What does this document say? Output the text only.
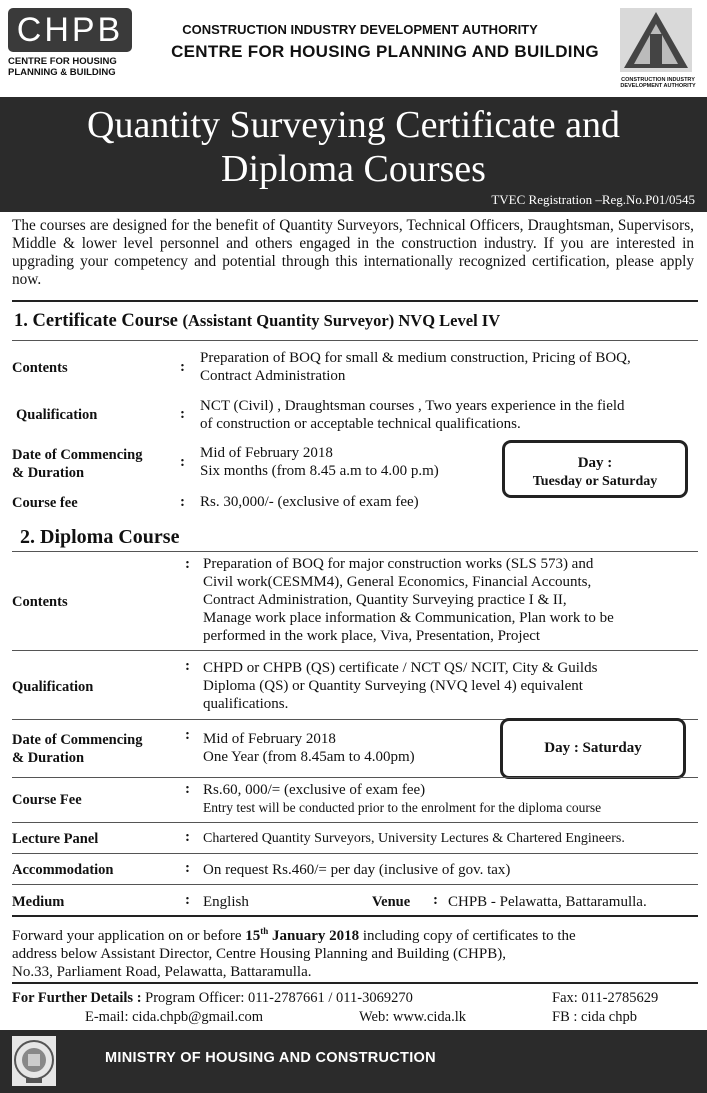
CHPB
CENTRE FOR HOUSING
PLANNING & BUILDING
CONSTRUCTION INDUSTRY DEVELOPMENT AUTHORITY
CENTRE FOR HOUSING PLANNING AND BUILDING
CONSTRUCTION INDUSTRY
DEVELOPMENT AUTHORITY
Quantity Surveying Certificate and
Diploma Courses
TVEC Registration –Reg.No.P01/0545
The courses are designed for the benefit of Quantity Surveyors, Technical Officers, Draughtsman, Supervisors, Middle & lower level personnel and others engaged in the construction industry. If you are interested in upgrading your competency and potential through this internationally recognized certification, please apply now.
1. Certificate Course (Assistant Quantity Surveyor) NVQ Level IV
Contents	:
Preparation of BOQ for small & medium construction, Pricing of BOQ,
Contract Administration
Qualification	: NCT (Civil) , Draughtsman courses , Two years experience in the field
of construction or acceptable technical qualifications.
Date of Commencing
& Duration
:
Mid of February 2018
Six months (from 8.45 a.m to 4.00 p.m)	Day :
Tuesday or Saturday
Course fee	: Rs. 30,000/- (exclusive of exam fee)
2. Diploma Course
Contents
: Preparation of BOQ for major construction works (SLS 573) and
Civil work(CESMM4), General Economics, Financial Accounts,
Contract Administration, Quantity Surveying practice I & II,
Manage work place information & Communication, Plan work to be
performed in the work place, Viva, Presentation, Project
Qualification
: CHPD or CHPB (QS) certificate / NCT QS/ NCIT, City & Guilds
Diploma (QS) or Quantity Surveying (NVQ level 4) equivalent
qualifications.
Date of Commencing
& Duration
: Mid of February 2018
One Year (from 8.45am to 4.00pm)
Day : Saturday
Course Fee
: Rs.60, 000/= (exclusive of exam fee)
Entry test will be conducted prior to the enrolment for the diploma course
Lecture Panel	: Chartered Quantity Surveyors, University Lectures & Chartered Engineers.
Accommodation	: On request Rs.460/= per day (inclusive of gov. tax)
Medium	: English	Venue : CHPB - Pelawatta, Battaramulla.
Forward your application on or before 15th January 2018 including copy of certificates to the
address below Assistant Director, Centre Housing Planning and Building (CHPB),
No.33, Parliament Road, Pelawatta, Battaramulla.
For Further Details : Program Officer: 011-2787661 / 011-3069270	Fax: 011-2785629
E-mail: cida.chpb@gmail.com	Web: www.cida.lk	FB : cida chpb
MINISTRY OF HOUSING AND CONSTRUCTION
